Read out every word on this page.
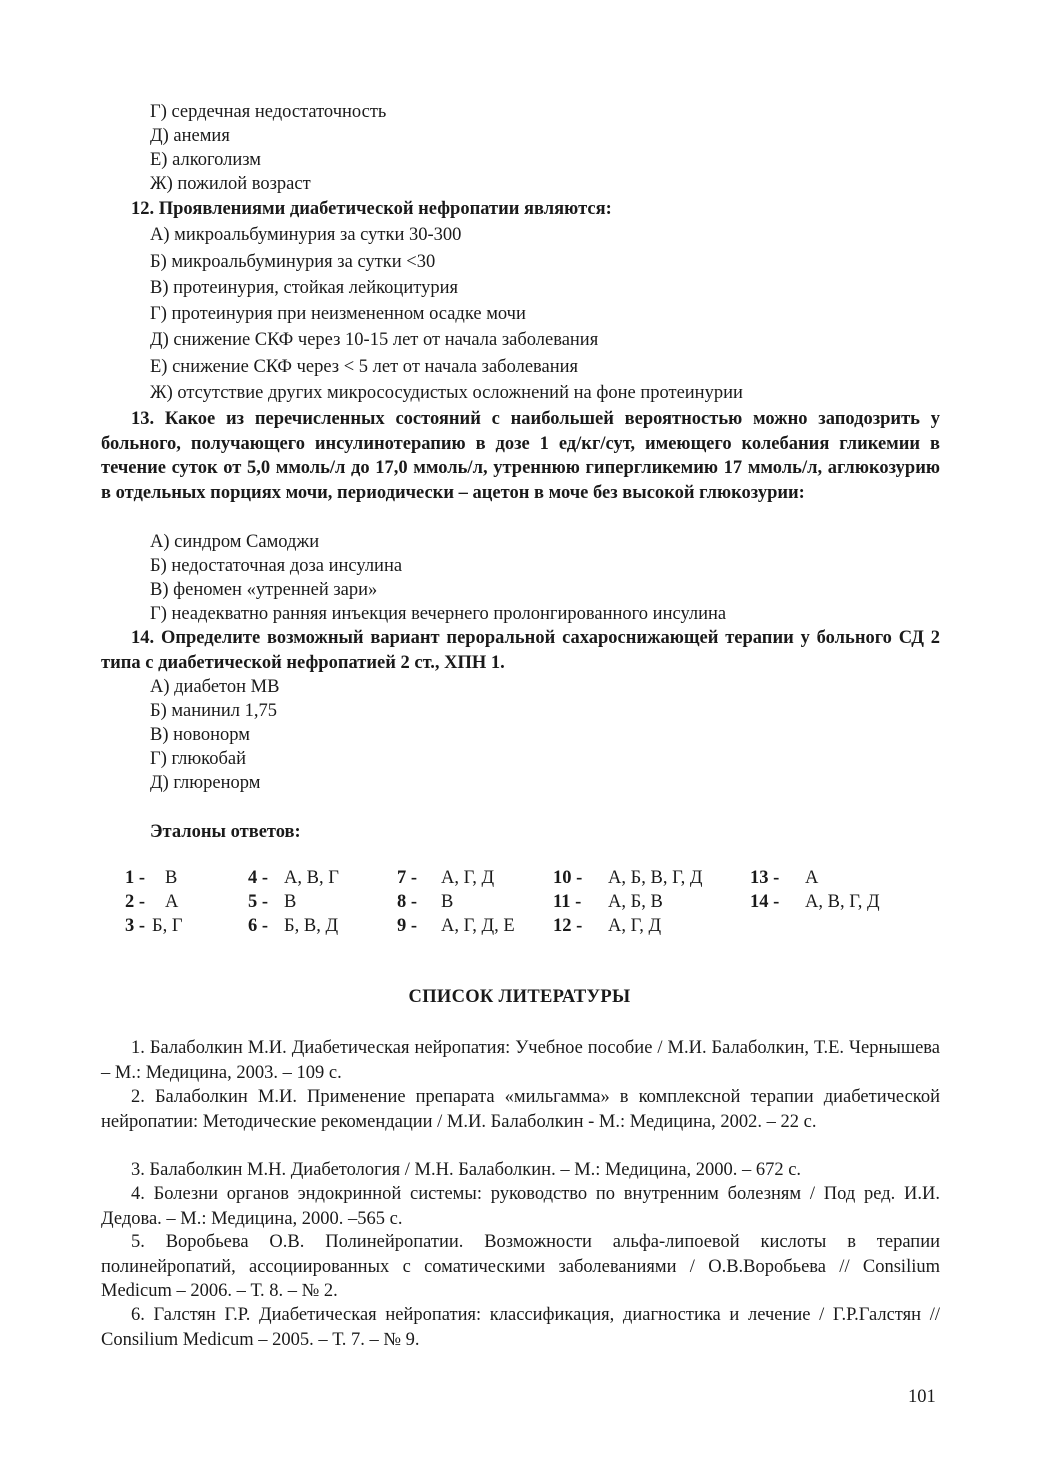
Г) сердечная недостаточность
Д) анемия
Е) алкоголизм
Ж) пожилой возраст
12. Проявлениями диабетической нефропатии являются:
А) микроальбуминурия за сутки 30-300
Б) микроальбуминурия за сутки <30
В) протеинурия, стойкая лейкоцитурия
Г) протеинурия при неизмененном осадке мочи
Д) снижение СКФ через 10-15 лет от начала заболевания
Е) снижение СКФ через < 5 лет от начала заболевания
Ж) отсутствие других микрососудистых осложнений на фоне протеинурии
13. Какое из перечисленных состояний с наибольшей вероятностью можно заподозрить у больного, получающего инсулинотерапию в дозе 1 ед/кг/сут, имеющего колебания гликемии в течение суток от 5,0 ммоль/л до 17,0 ммоль/л, утреннюю гипергликемию 17 ммоль/л, аглюкозурию в отдельных порциях мочи, периодически – ацетон в моче без высокой глюкозурии:
А) синдром Самоджи
Б) недостаточная доза инсулина
В) феномен «утренней зари»
Г) неадекватно ранняя инъекция вечернего пролонгированного инсулина
14. Определите возможный вариант пероральной сахароснижающей терапии у больного СД 2 типа с диабетической нефропатией 2 ст., ХПН 1.
А) диабетон МВ
Б) манинил 1,75
В) новонорм
Г) глюкобай
Д) глюренорм
Эталоны ответов:
1 - В
2 - А
3 - Б, Г
4 - А, В, Г
5 - В
6 - Б, В, Д
7 - А, Г, Д
8 - В
9 - А, Г, Д, Е
10 - А, Б, В, Г, Д
11 - А, Б, В
12 - А, Г, Д
13 - А
14 - А, В, Г, Д
СПИСОК ЛИТЕРАТУРЫ
1. Балаболкин М.И. Диабетическая нейропатия: Учебное пособие / М.И. Балаболкин, Т.Е. Чернышева – М.: Медицина, 2003. – 109 с.
2. Балаболкин М.И. Применение препарата «мильгамма» в комплексной терапии диабетической нейропатии: Методические рекомендации / М.И. Балаболкин - М.: Медицина, 2002. – 22 с.
3. Балаболкин М.Н. Диабетология / М.Н. Балаболкин. – М.: Медицина, 2000. – 672 с.
4. Болезни органов эндокринной системы: руководство по внутренним болезням / Под ред. И.И. Дедова. – М.: Медицина, 2000. –565 с.
5. Воробьева О.В. Полинейропатии. Возможности альфа-липоевой кислоты в терапии полинейропатий, ассоциированных с соматическими заболеваниями / О.В.Воробьева // Consilium Medicum – 2006. – Т. 8. – № 2.
6. Галстян Г.Р. Диабетическая нейропатия: классификация, диагностика и лечение / Г.Р.Галстян // Consilium Medicum – 2005. – Т. 7. – № 9.
101
